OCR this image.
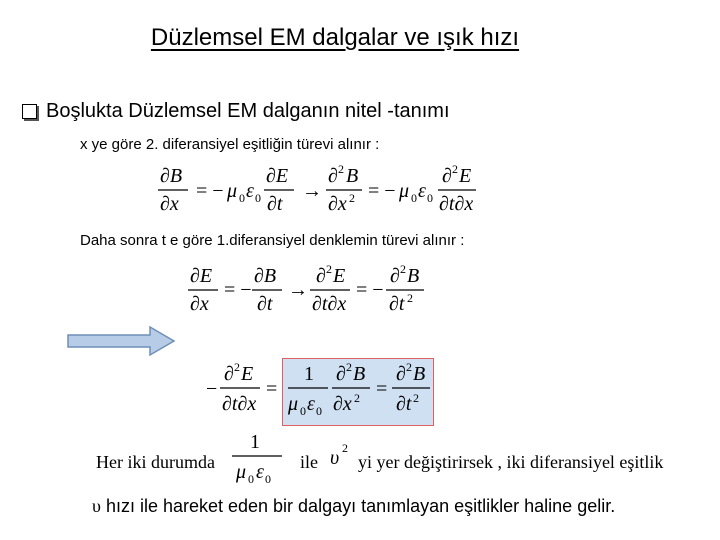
Düzlemsel EM dalgalar ve ışık hızı
Boşlukta Düzlemsel EM dalganın nitel -tanımı
x ye göre 2. diferansiyel eşitliğin türevi alınır :
∂B
∂x
= − μ 0 ε 0
∂E
∂t
→
∂ 2 B
∂x 2 = − μ 0 ε 0
∂ 2 E
∂t∂x
Daha sonra t e göre 1.diferansiyel denklemin türevi alınır :
∂E
∂x
= −
∂B
∂t
→
∂ 2 E
∂t∂x
= −
∂ 2 B
∂t 2
−
∂ 2 E
∂t∂x
=
1
μ 0 ε 0
∂ 2 B
∂x 2 =
∂ 2 B
∂t 2
Her iki durumda
1
μ 0 ε 0
ile υ 2
yi yer değiştirirsek , iki diferansiyel eşitlik
υ hızı ile hareket eden bir dalgayı tanımlayan eşitlikler haline gelir.
